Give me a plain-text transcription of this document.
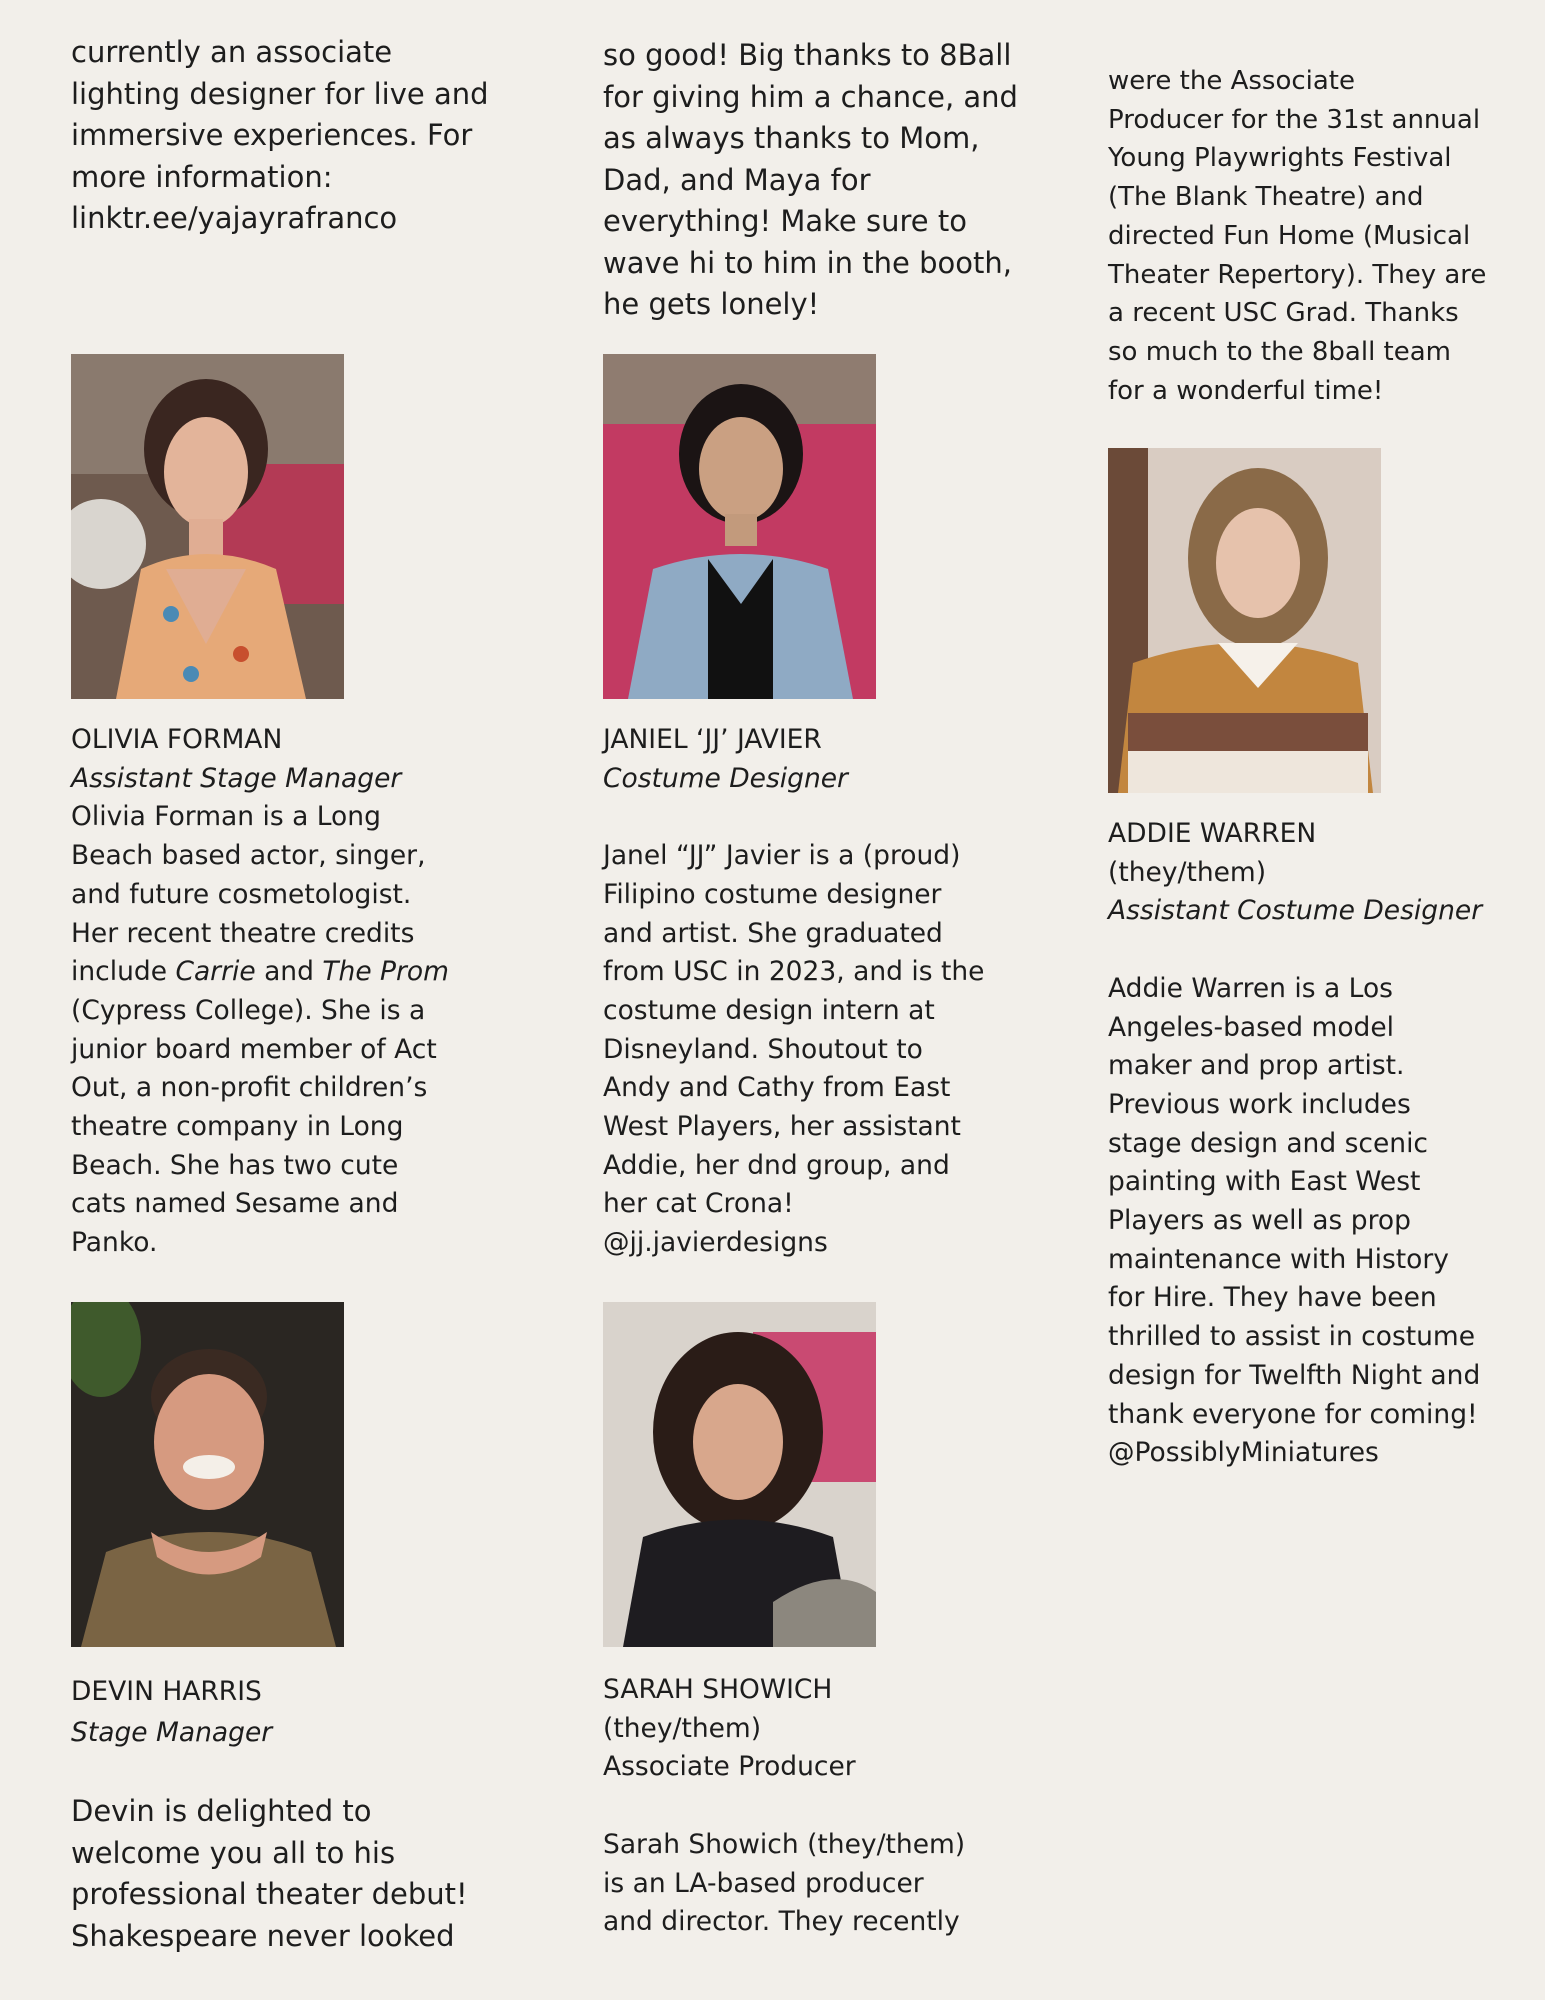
currently an associate
lighting designer for live and
immersive experiences. For
more information:
linktr.ee/yajayrafranco

OLIVIA FORMAN

Assistant Stage Manager

Olivia Forman is a Long

Beach based actor, singer,

and future cosmetologist.

Her recent theatre credits

include Carrie and The Prom

(Cypress College). She is a

junior board member of Act

Out, a non-profit children’s

theatre company in Long

Beach. She has two cute

cats named Sesame and

Panko.

DEVIN HARRIS

Stage Manager

Devin is delighted to

welcome you all to his

professional theater debut!

Shakespeare never looked

so good! Big thanks to 8Ball
for giving him a chance, and
as always thanks to Mom,
Dad, and Maya for
everything! Make sure to
wave hi to him in the booth,
he gets lonely!

JANIEL ‘JJ’ JAVIER

Costume Designer

Janel “JJ” Javier is a (proud)

Filipino costume designer

and artist. She graduated

from USC in 2023, and is the

costume design intern at

Disneyland. Shoutout to

Andy and Cathy from East

West Players, her assistant

Addie, her dnd group, and

her cat Crona!

@jj.javierdesigns

SARAH SHOWICH

(they/them)

Associate Producer

Sarah Showich (they/them)

is an LA-based producer

and director. They recently

were the Associate
Producer for the 31st annual
Young Playwrights Festival
(The Blank Theatre) and
directed Fun Home (Musical
Theater Repertory). They are
a recent USC Grad. Thanks
so much to the 8ball team
for a wonderful time!

ADDIE WARREN

(they/them)

Assistant Costume Designer

Addie Warren is a Los

Angeles-based model

maker and prop artist.

Previous work includes

stage design and scenic

painting with East West

Players as well as prop

maintenance with History

for Hire. They have been

thrilled to assist in costume

design for Twelfth Night and

thank everyone for coming!

@PossiblyMiniatures
